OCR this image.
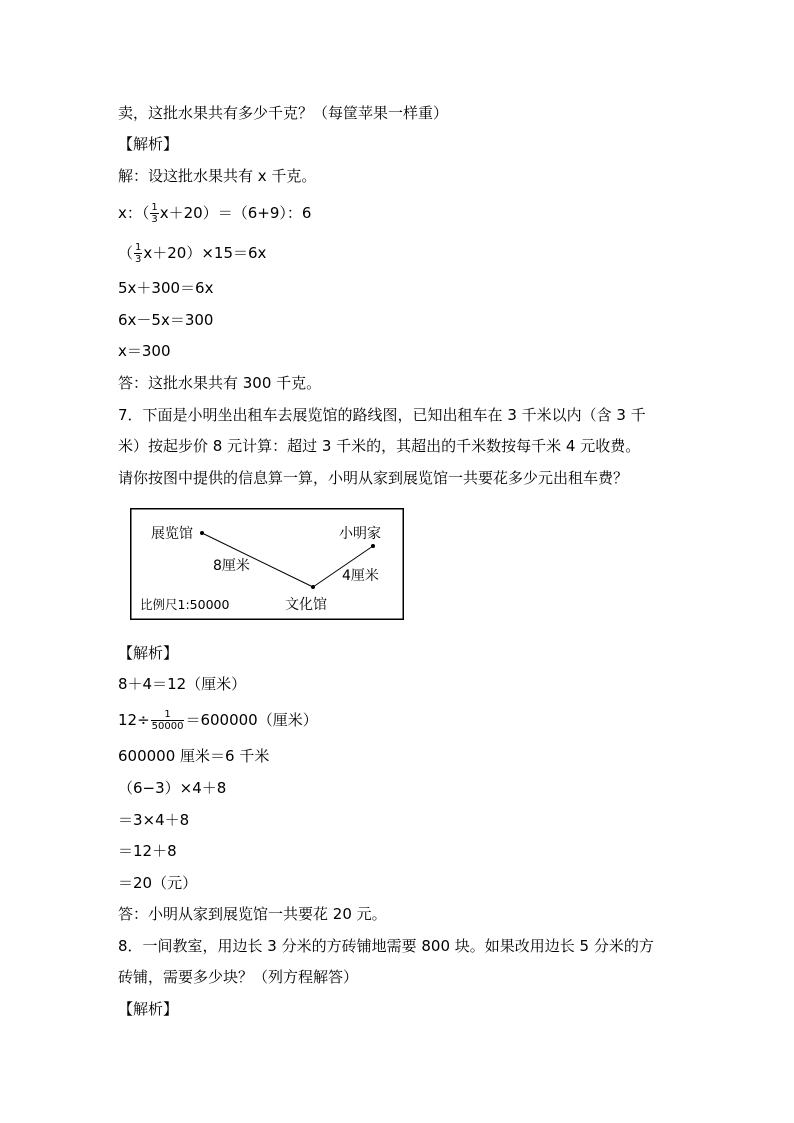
卖，这批水果共有多少千克？（每筐苹果一样重）
【解析】
解：设这批水果共有 x 千克。
x：（ $\frac{1}{3} x+20)=(6+9)$：6
（ $\frac{1}{3} x+20)\times 15=6x$
5x＋300＝6x
6x－5x＝300
x＝300
答：这批水果共有 300 千克。
7．下面是小明坐出租车去展览馆的路线图，已知出租车在 3 千米以内（含 3 千
米）按起步价 8 元计算：超过 3 千米的，其超出的千米数按每千米 4 元收费。
请你按图中提供的信息算一算，小明从家到展览馆一共要花多少元出租车费？
展览馆	小明家
8厘米
4厘米
文化馆
比例尺1:50000
【解析】
8＋4＝12（厘米）
$12\div \frac{1}{50000} =600000$（厘米）
600000 厘米＝6 千米
（6−3）×4＋8
＝3×4＋8
＝12＋8
＝20（元）
答：小明从家到展览馆一共要花 20 元。
8．一间教室，用边长 3 分米的方砖铺地需要 800 块。如果改用边长 5 分米的方
砖铺，需要多少块？（列方程解答）
【解析】
